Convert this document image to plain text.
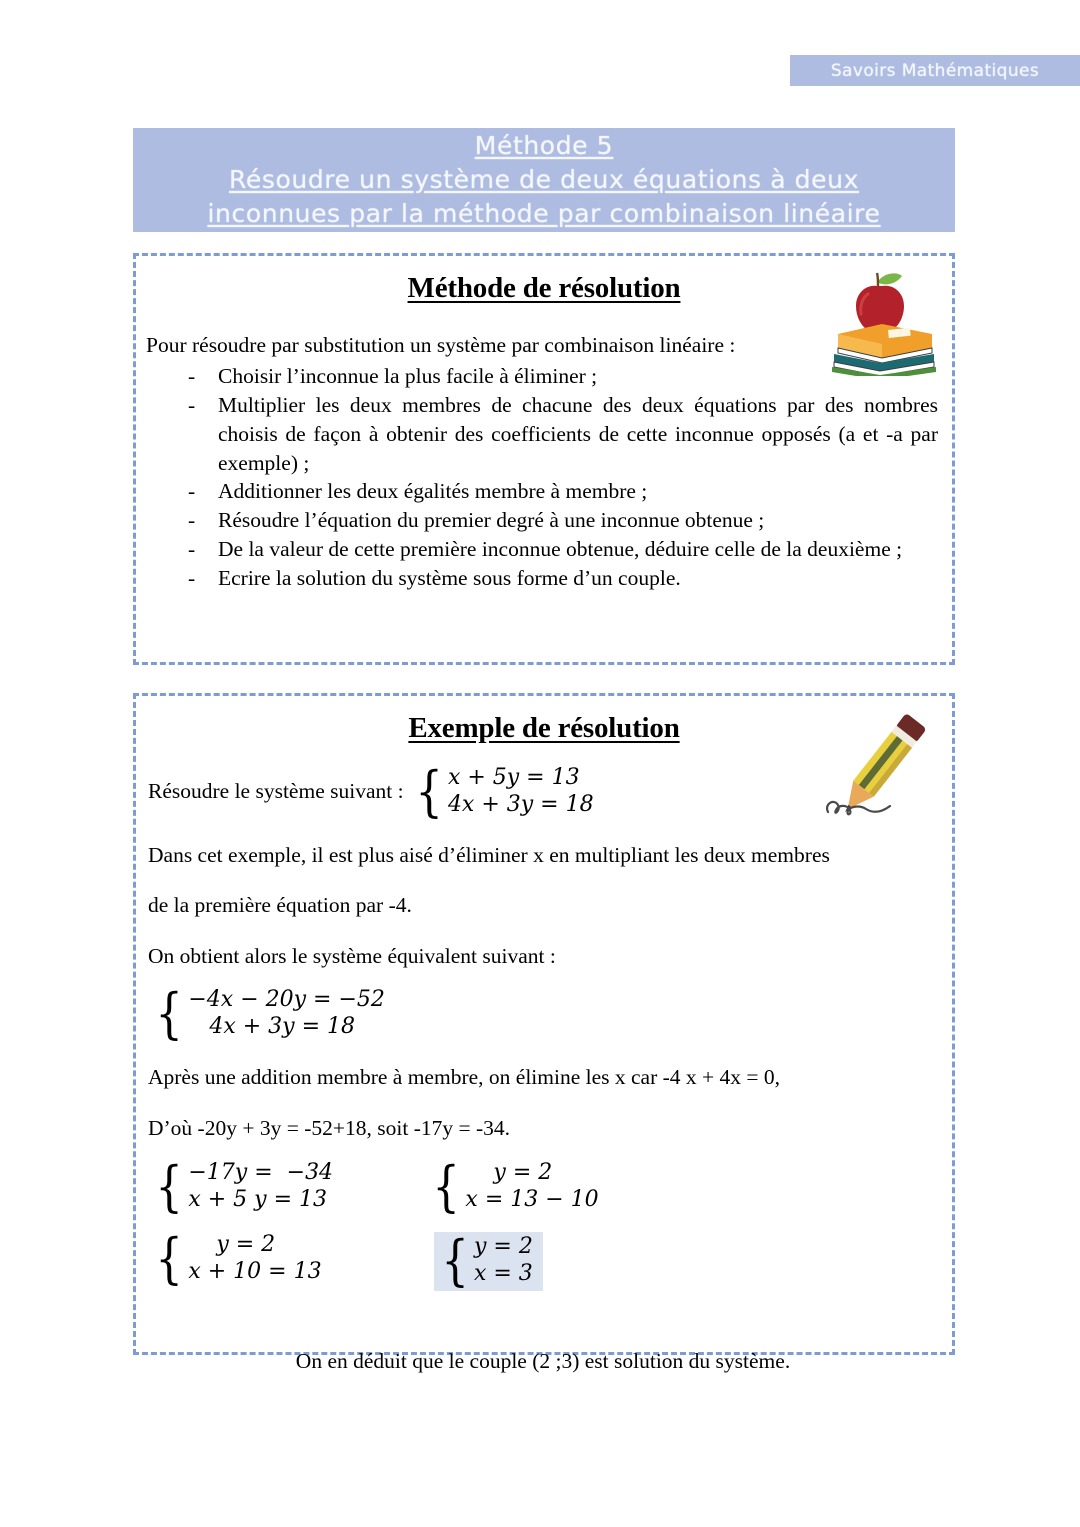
Savoirs Mathématiques
Méthode 5
Résoudre un système de deux équations à deux
inconnues par la méthode par combinaison linéaire
Méthode de résolution

Pour résoudre par substitution un système par combinaison linéaire :

- Choisir l’inconnue la plus facile à éliminer ;
- Multiplier les deux membres de chacune des deux équations par des nombres choisis de façon à obtenir des coefficients de cette inconnue opposés (a et -a par exemple) ;
- Additionner les deux égalités membre à membre ;
- Résoudre l’équation du premier degré à une inconnue obtenue ;
- De la valeur de cette première inconnue obtenue, déduire celle de la deuxième ;
- Ecrire la solution du système sous forme d’un couple.
Exemple de résolution
Résoudre le système suivant : { x + 5y = 13
4x + 3y = 18

Dans cet exemple, il est plus aisé d’éliminer x en multipliant les deux membres

de la première équation par -4.

On obtient alors le système équivalent suivant :

{ −4x − 20y = −52
4x + 3y = 18

Après une addition membre à membre, on élimine les x car -4 x + 4x = 0,

D’où -20y + 3y = -52+18, soit -17y = -34.

{ −17y =  −34
x + 5 y = 13 { y = 2
x = 13 − 10
{ y = 2
x + 10 = 13 { y = 2
x = 3

On en déduit que le couple (2 ;3) est solution du système.
